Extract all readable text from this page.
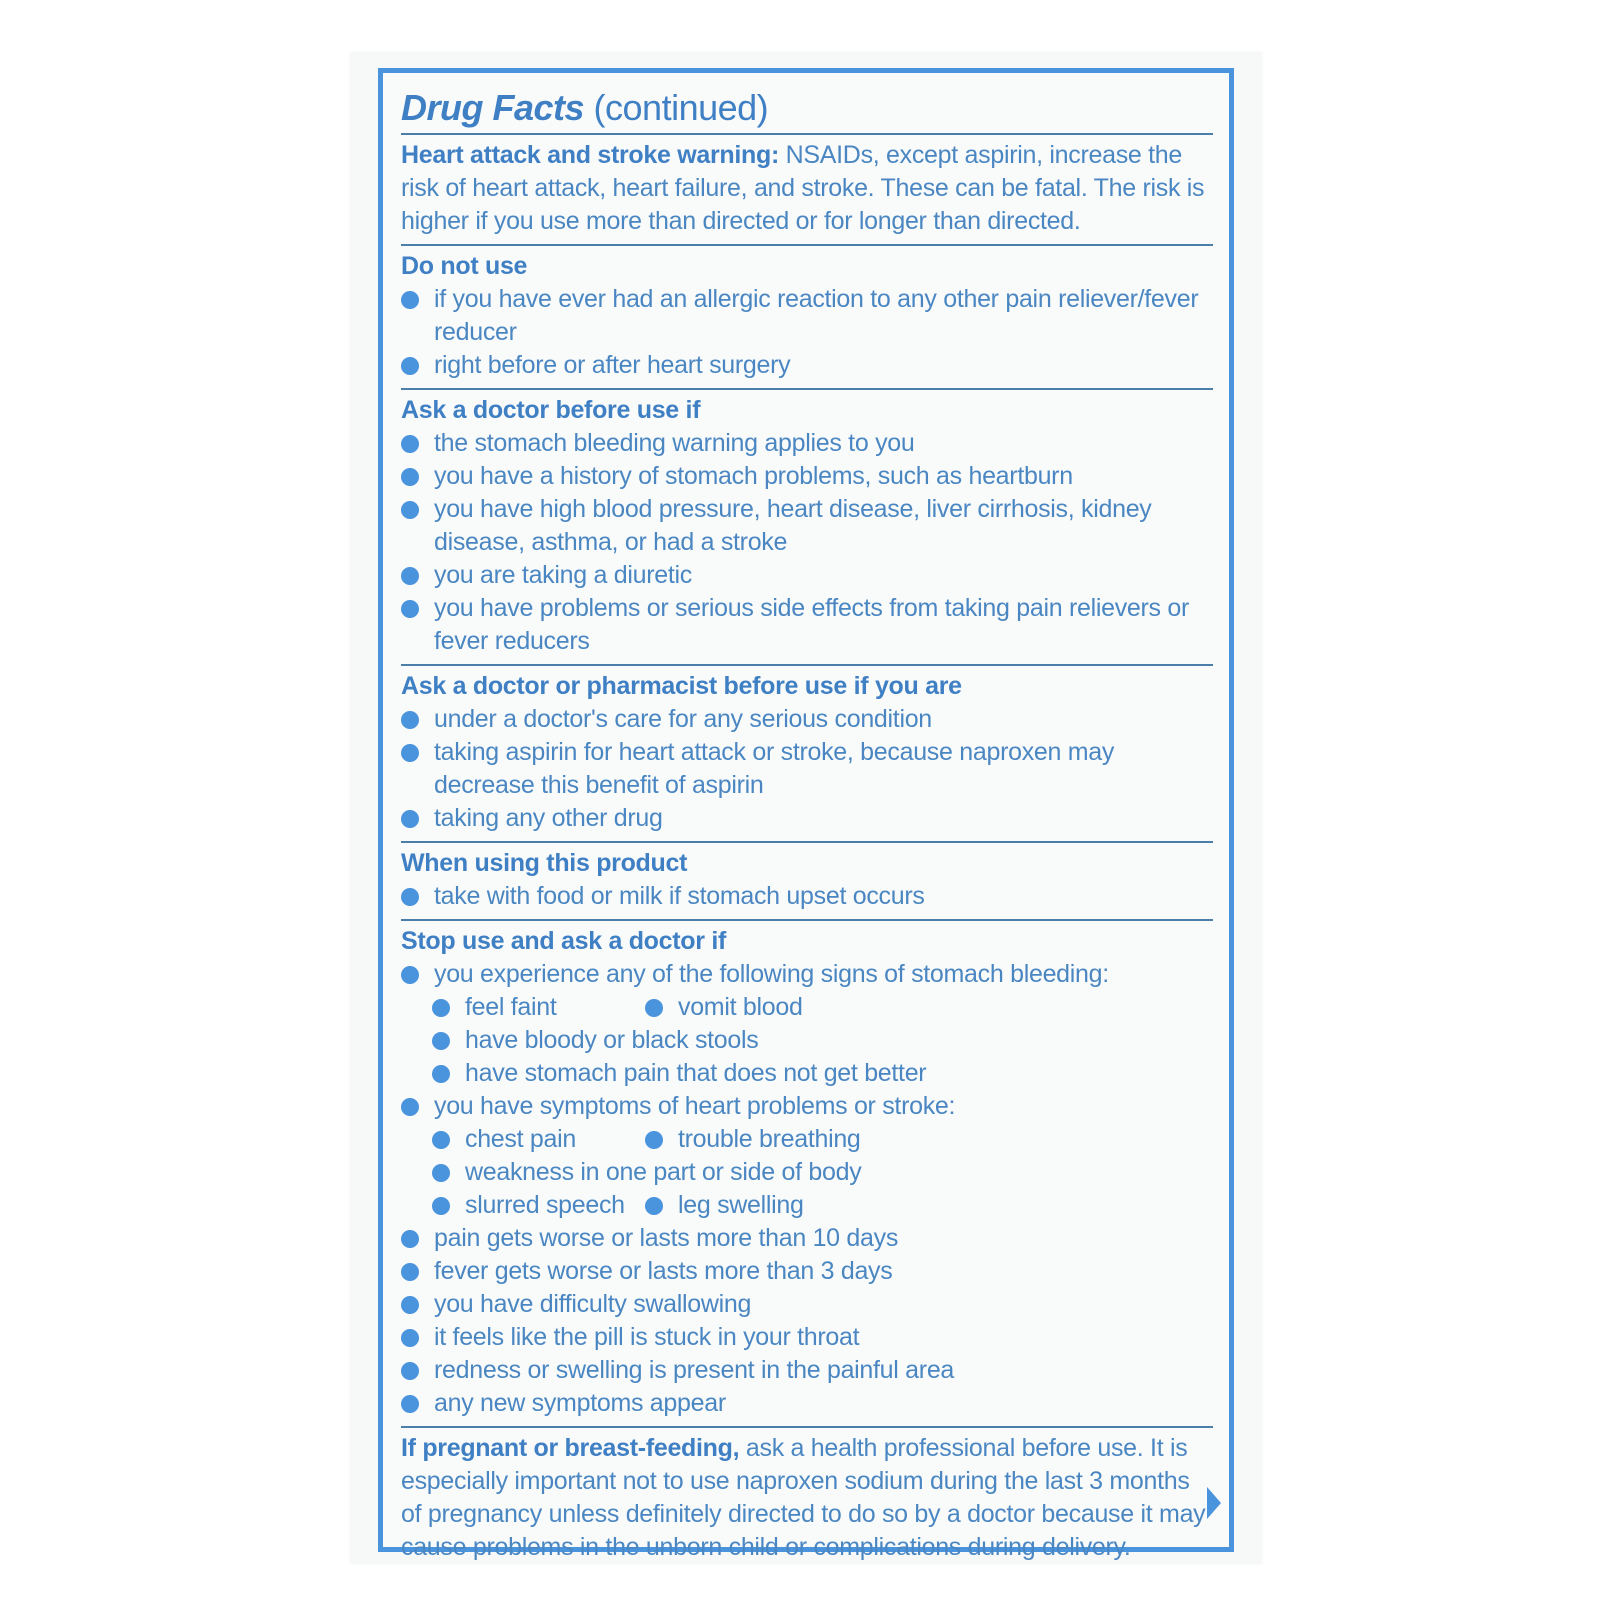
Drug Facts (continued)
Heart attack and stroke warning: NSAIDs, except aspirin, increase the risk of heart attack, heart failure, and stroke. These can be fatal. The risk is higher if you use more than directed or for longer than directed.
Do not use
if you have ever had an allergic reaction to any other pain reliever/fever reducer
right before or after heart surgery
Ask a doctor before use if
the stomach bleeding warning applies to you
you have a history of stomach problems, such as heartburn
you have high blood pressure, heart disease, liver cirrhosis, kidney disease, asthma, or had a stroke
you are taking a diuretic
you have problems or serious side effects from taking pain relievers or fever reducers
Ask a doctor or pharmacist before use if you are
under a doctor's care for any serious condition
taking aspirin for heart attack or stroke, because naproxen may decrease this benefit of aspirin
taking any other drug
When using this product
take with food or milk if stomach upset occurs
Stop use and ask a doctor if
you experience any of the following signs of stomach bleeding:
feel faint	vomit blood
have bloody or black stools
have stomach pain that does not get better
you have symptoms of heart problems or stroke:
chest pain	trouble breathing
weakness in one part or side of body
slurred speech	leg swelling
pain gets worse or lasts more than 10 days
fever gets worse or lasts more than 3 days
you have difficulty swallowing
it feels like the pill is stuck in your throat
redness or swelling is present in the painful area
any new symptoms appear
If pregnant or breast-feeding, ask a health professional before use. It is especially important not to use naproxen sodium during the last 3 months of pregnancy unless definitely directed to do so by a doctor because it may cause problems in the unborn child or complications during delivery.
